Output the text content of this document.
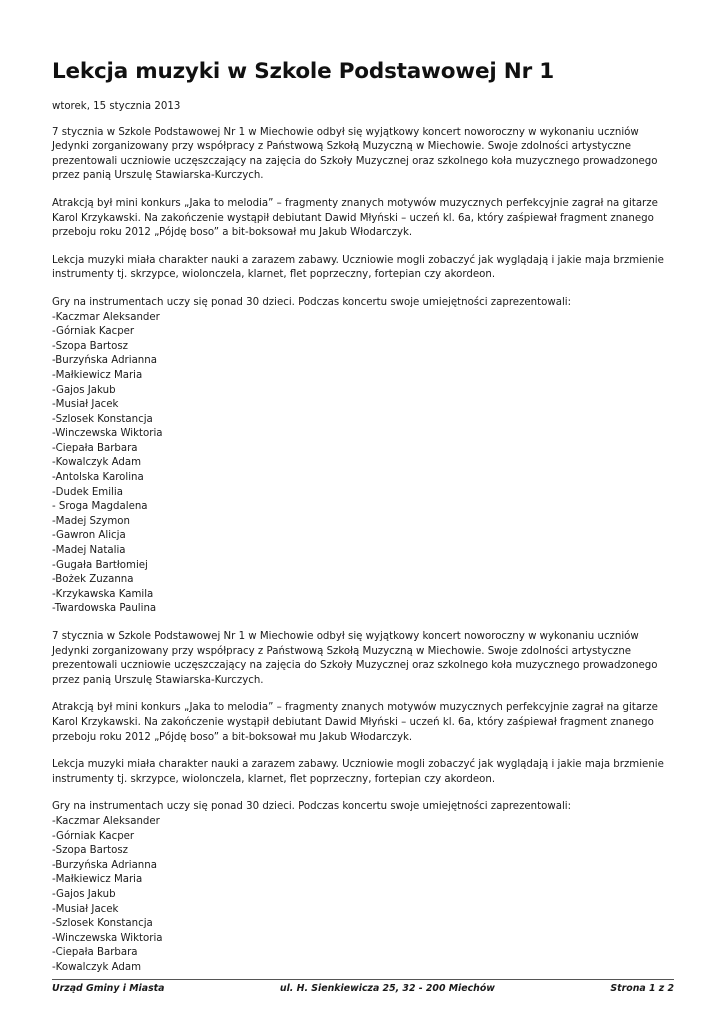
Lekcja muzyki w Szkole Podstawowej Nr 1
wtorek, 15 stycznia 2013

7 stycznia w Szkole Podstawowej Nr 1 w Miechowie odbył się wyjątkowy koncert noworoczny w wykonaniu uczniów Jedynki zorganizowany przy współpracy z Państwową Szkołą Muzyczną w Miechowie. Swoje zdolności artystyczne prezentowali uczniowie uczęszczający na zajęcia do Szkoły Muzycznej oraz szkolnego koła muzycznego prowadzonego przez panią Urszulę Stawiarska-Kurczych.

Atrakcją był mini konkurs „Jaka to melodia” – fragmenty znanych motywów muzycznych perfekcyjnie zagrał na gitarze Karol Krzykawski. Na zakończenie wystąpił debiutant Dawid Młyński – uczeń kl. 6a, który zaśpiewał fragment znanego przeboju roku 2012 „Pójdę boso” a bit-boksował mu Jakub Włodarczyk.

Lekcja muzyki miała charakter nauki a zarazem zabawy. Uczniowie mogli zobaczyć jak wyglądają i jakie maja brzmienie instrumenty tj. skrzypce, wiolonczela, klarnet, flet poprzeczny, fortepian czy akordeon.

Gry na instrumentach uczy się ponad 30 dzieci. Podczas koncertu swoje umiejętności zaprezentowali:
-Kaczmar Aleksander
-Górniak Kacper
-Szopa Bartosz
-Burzyńska Adrianna
-Małkiewicz Maria
-Gajos Jakub
-Musiał Jacek
-Szlosek Konstancja
-Winczewska Wiktoria
-Ciepała Barbara
-Kowalczyk Adam
-Antolska Karolina
-Dudek Emilia
- Sroga Magdalena
-Madej Szymon
-Gawron Alicja
-Madej Natalia
-Gugała Bartłomiej
-Bożek Zuzanna
-Krzykawska Kamila
-Twardowska Paulina

7 stycznia w Szkole Podstawowej Nr 1 w Miechowie odbył się wyjątkowy koncert noworoczny w wykonaniu uczniów Jedynki zorganizowany przy współpracy z Państwową Szkołą Muzyczną w Miechowie. Swoje zdolności artystyczne prezentowali uczniowie uczęszczający na zajęcia do Szkoły Muzycznej oraz szkolnego koła muzycznego prowadzonego przez panią Urszulę Stawiarska-Kurczych.

Atrakcją był mini konkurs „Jaka to melodia” – fragmenty znanych motywów muzycznych perfekcyjnie zagrał na gitarze Karol Krzykawski. Na zakończenie wystąpił debiutant Dawid Młyński – uczeń kl. 6a, który zaśpiewał fragment znanego przeboju roku 2012 „Pójdę boso” a bit-boksował mu Jakub Włodarczyk.

Lekcja muzyki miała charakter nauki a zarazem zabawy. Uczniowie mogli zobaczyć jak wyglądają i jakie maja brzmienie instrumenty tj. skrzypce, wiolonczela, klarnet, flet poprzeczny, fortepian czy akordeon.

Gry na instrumentach uczy się ponad 30 dzieci. Podczas koncertu swoje umiejętności zaprezentowali:
-Kaczmar Aleksander
-Górniak Kacper
-Szopa Bartosz
-Burzyńska Adrianna
-Małkiewicz Maria
-Gajos Jakub
-Musiał Jacek
-Szlosek Konstancja
-Winczewska Wiktoria
-Ciepała Barbara
-Kowalczyk Adam
Urząd Gminy i Miasta	ul. H. Sienkiewicza 25, 32 - 200 Miechów	Strona 1 z 2
